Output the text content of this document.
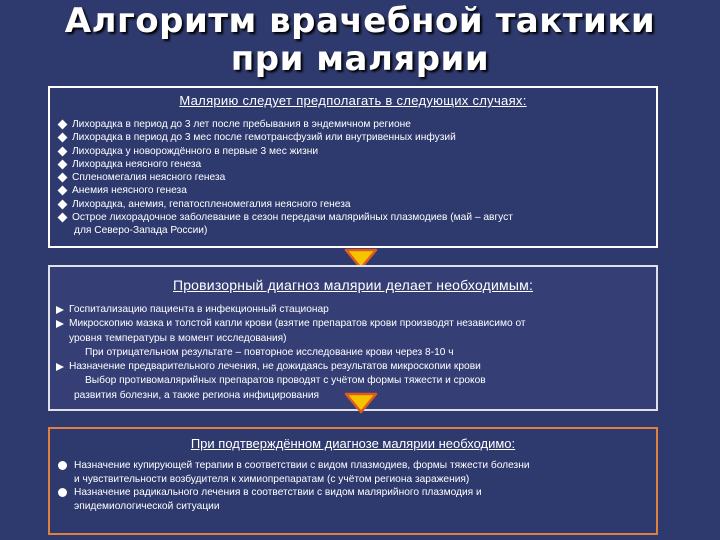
Алгоритм врачебной тактики
при малярии
Малярию следует предполагать в следующих случаях:
Лихорадка в период до 3 лет после пребывания в эндемичном регионе
Лихорадка в период до 3 мес после гемотрансфузий или внутривенных инфузий
Лихорадка у новорождённого в первые 3 мес жизни
Лихорадка неясного генеза
Спленомегалия неясного генеза
Анемия неясного генеза
Лихорадка, анемия, гепатоспленомегалия неясного генеза
Острое лихорадочное заболевание в сезон передачи малярийных плазмодиев (май – август
для Северо-Запада России)
Провизорный диагноз малярии делает необходимым:
Госпитализацию пациента в инфекционный стационар
Микроскопию мазка и толстой капли крови (взятие препаратов крови производят независимо от
уровня температуры в момент исследования)
При отрицательном результате – повторное исследование крови через 8-10 ч
Назначение предварительного лечения, не дожидаясь результатов микроскопии крови
Выбор противомалярийных препаратов проводят с учётом формы тяжести и сроков
развития болезни, а также региона инфицирования
При подтверждённом диагнозе малярии необходимо:
Назначение купирующей терапии в соответствии с видом плазмодиев, формы тяжести болезни
и чувствительности возбудителя к химиопрепаратам (с учётом региона заражения)
Назначение радикального лечения в соответствии с видом малярийного плазмодия и
эпидемиологической ситуации
